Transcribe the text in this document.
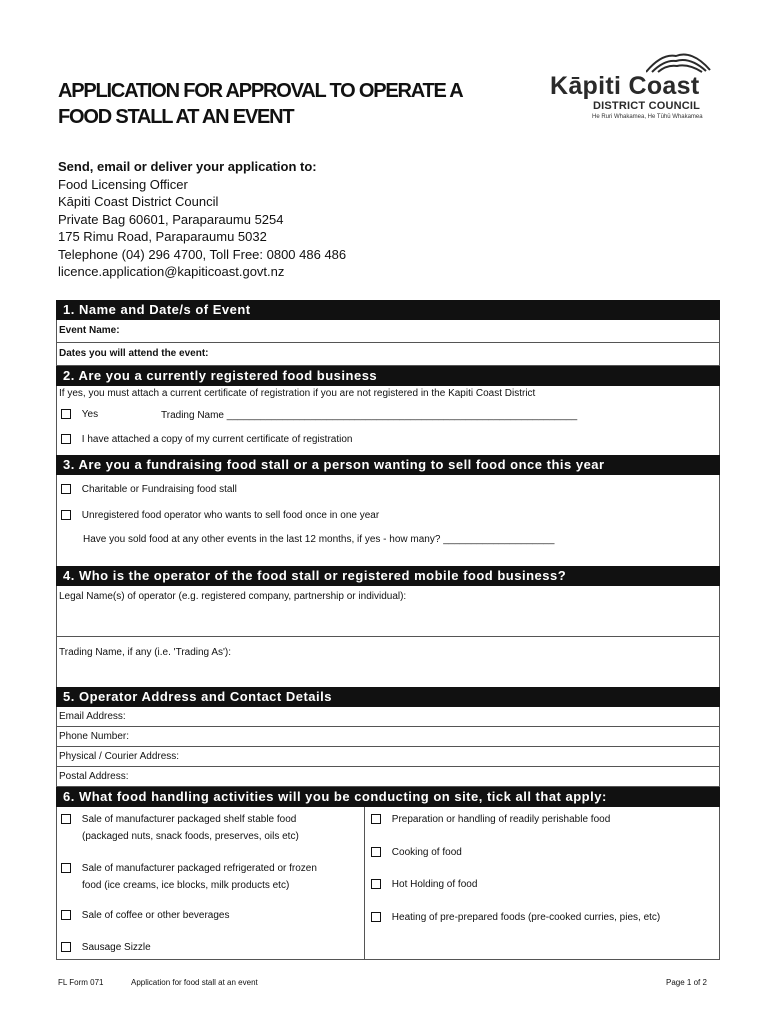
APPLICATION FOR APPROVAL TO OPERATE A
FOOD STALL AT AN EVENT
Kāpiti Coast
DISTRICT COUNCIL
He Ruri Whakamea, He Tūhū Whakamea
Send, email or deliver your application to:
Food Licensing Officer
Kāpiti Coast District Council
Private Bag 60601, Paraparaumu 5254
175 Rimu Road, Paraparaumu 5032
Telephone (04) 296 4700, Toll Free: 0800 486 486
licence.application@kapiticoast.govt.nz
1. Name and Date/s of Event
Event Name:
Dates you will attend the event:
2. Are you a currently registered food business
If yes, you must attach a current certificate of registration if you are not registered in the Kapiti Coast District
Yes	Trading Name _______________________________________________________________
I have attached a copy of my current certificate of registration
3. Are you a fundraising food stall or a person wanting to sell food once this year
Charitable or Fundraising food stall
Unregistered food operator who wants to sell food once in one year
Have you sold food at any other events in the last 12 months, if yes - how many? ____________________
4. Who is the operator of the food stall or registered mobile food business?
Legal Name(s) of operator (e.g. registered company, partnership or individual):
Trading Name, if any (i.e. 'Trading As'):
5. Operator Address and Contact Details
Email Address:
Phone Number:
Physical / Courier Address:
Postal Address:
6. What food handling activities will you be conducting on site, tick all that apply:
Sale of manufacturer packaged shelf stable food
(packaged nuts, snack foods, preserves, oils etc)
Sale of manufacturer packaged refrigerated or frozen
food (ice creams, ice blocks, milk products etc)
Sale of coffee or other beverages
Sausage Sizzle
Preparation or handling of readily perishable food
Cooking of food
Hot Holding of food
Heating of pre-prepared foods (pre-cooked curries, pies, etc)
FL Form 071	Application for food stall at an event	Page 1 of 2
